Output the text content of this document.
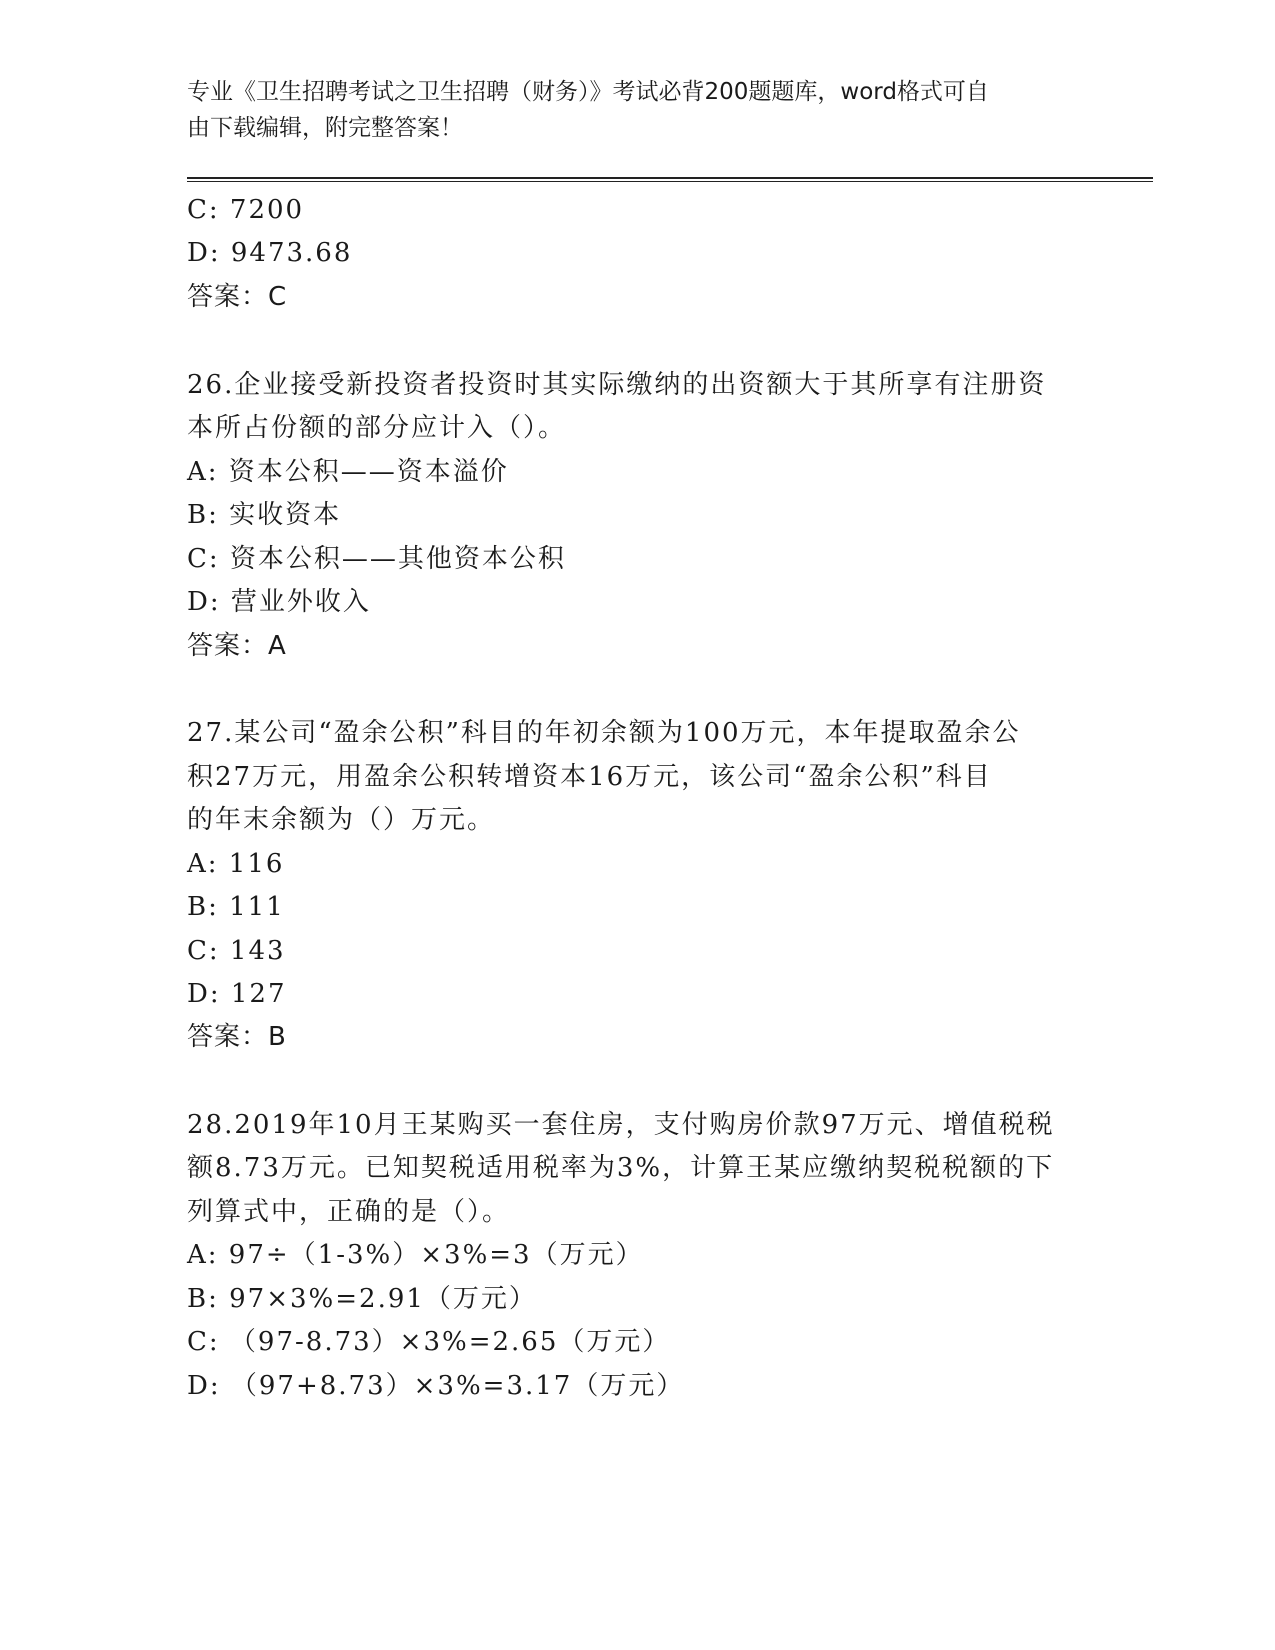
专业《卫生招聘考试之卫生招聘（财务）》考试必背200题题库，word格式可自
由下载编辑，附完整答案！
C: 7200
D: 9473.68
答案：C
26.企业接受新投资者投资时其实际缴纳的出资额大于其所享有注册资
本所占份额的部分应计入（）。
A: 资本公积——资本溢价
B: 实收资本
C: 资本公积——其他资本公积
D: 营业外收入
答案：A
27.某公司“盈余公积”科目的年初余额为100万元，本年提取盈余公
积27万元，用盈余公积转增资本16万元，该公司“盈余公积”科目
的年末余额为（）万元。
A: 116
B: 111
C: 143
D: 127
答案：B
28.2019年10月王某购买一套住房，支付购房价款97万元、增值税税
额8.73万元。已知契税适用税率为3%，计算王某应缴纳契税税额的下
列算式中，正确的是（）。
A: 97÷（1-3%）×3%=3（万元）
B: 97×3%=2.91（万元）
C: （97-8.73）×3%=2.65（万元）
D: （97+8.73）×3%=3.17（万元）
